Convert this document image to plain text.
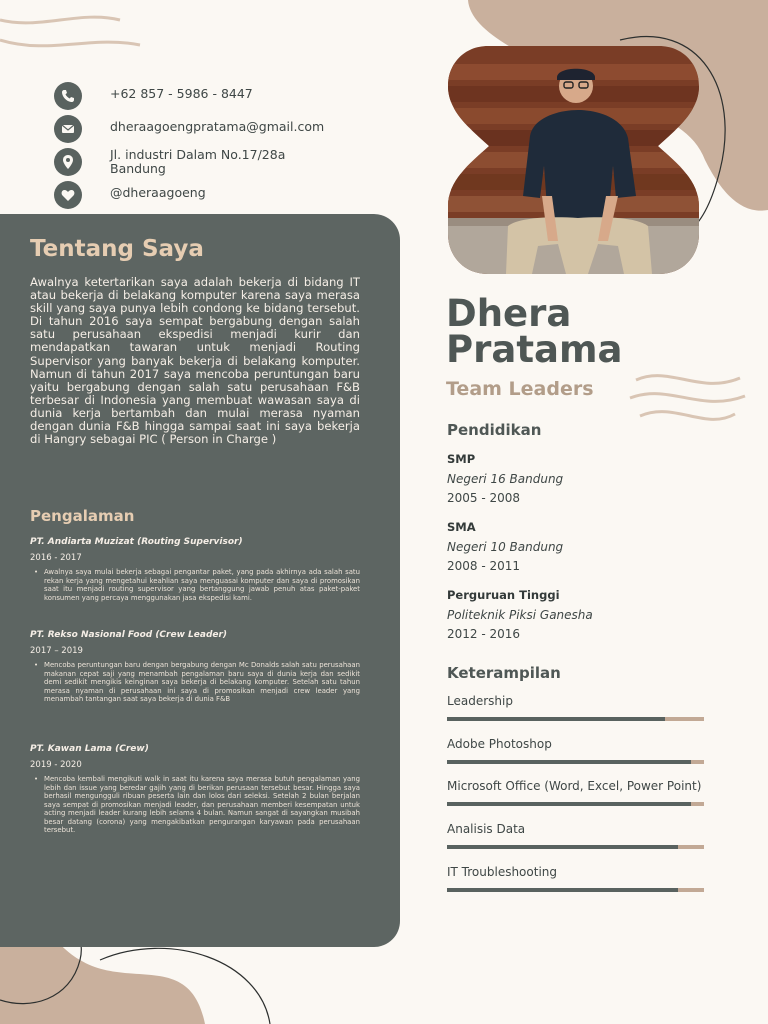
+62 857 - 5986 - 8447
dheraagoengpratama@gmail.com
Jl. industri Dalam No.17/28a
Bandung
@dheraagoeng
Dhera
Pratama
Team Leaders
Tentang Saya
Awalnya ketertarikan saya adalah bekerja di bidang IT atau bekerja di belakang komputer karena saya merasa skill yang saya punya lebih condong ke bidang tersebut. Di tahun 2016 saya sempat bergabung dengan salah satu perusahaan ekspedisi menjadi kurir dan mendapatkan tawaran untuk menjadi Routing Supervisor yang banyak bekerja di belakang komputer. Namun di tahun 2017 saya mencoba peruntungan baru yaitu bergabung dengan salah satu perusahaan F&B terbesar di Indonesia yang membuat wawasan saya di dunia kerja bertambah dan mulai merasa nyaman dengan dunia F&B hingga sampai saat ini saya bekerja di Hangry sebagai PIC ( Person in Charge )
Pengalaman
PT. Andiarta Muzizat (Routing Supervisor)
2016 - 2017
• Awalnya saya mulai bekerja sebagai pengantar paket, yang pada akhirnya ada salah satu rekan kerja yang mengetahui keahlian saya menguasai komputer dan saya di promosikan saat itu menjadi routing supervisor yang bertanggung jawab penuh atas paket-paket konsumen yang percaya menggunakan jasa ekspedisi kami.
PT. Rekso Nasional Food (Crew Leader)
2017 – 2019
• Mencoba peruntungan baru dengan bergabung dengan Mc Donalds salah satu perusahaan makanan cepat saji yang menambah pengalaman baru saya di dunia kerja dan sedikit demi sedikit mengikis keinginan saya bekerja di belakang komputer. Setelah satu tahun merasa nyaman di perusahaan ini saya di promosikan menjadi crew leader yang menambah tantangan saat saya bekerja di dunia F&B
PT. Kawan Lama (Crew)
2019 - 2020
• Mencoba kembali mengikuti walk in saat itu karena saya merasa butuh pengalaman yang lebih dan issue yang beredar gajih yang di berikan perusaan tersebut besar. Hingga saya berhasil mengungguli ribuan peserta lain dan lolos dari seleksi. Setelah 2 bulan berjalan saya sempat di promosikan menjadi leader, dan perusahaan memberi kesempatan untuk acting menjadi leader kurang lebih selama 4 bulan. Namun sangat di sayangkan musibah besar datang (corona) yang mengakibatkan pengurangan karyawan pada perusahaan tersebut.
Pendidikan
SMP
Negeri 16 Bandung
2005 - 2008
SMA
Negeri 10 Bandung
2008 - 2011
Perguruan Tinggi
Politeknik Piksi Ganesha
2012 - 2016
Keterampilan
Leadership
Adobe Photoshop
Microsoft Office (Word, Excel, Power Point)
Analisis Data
IT Troubleshooting
